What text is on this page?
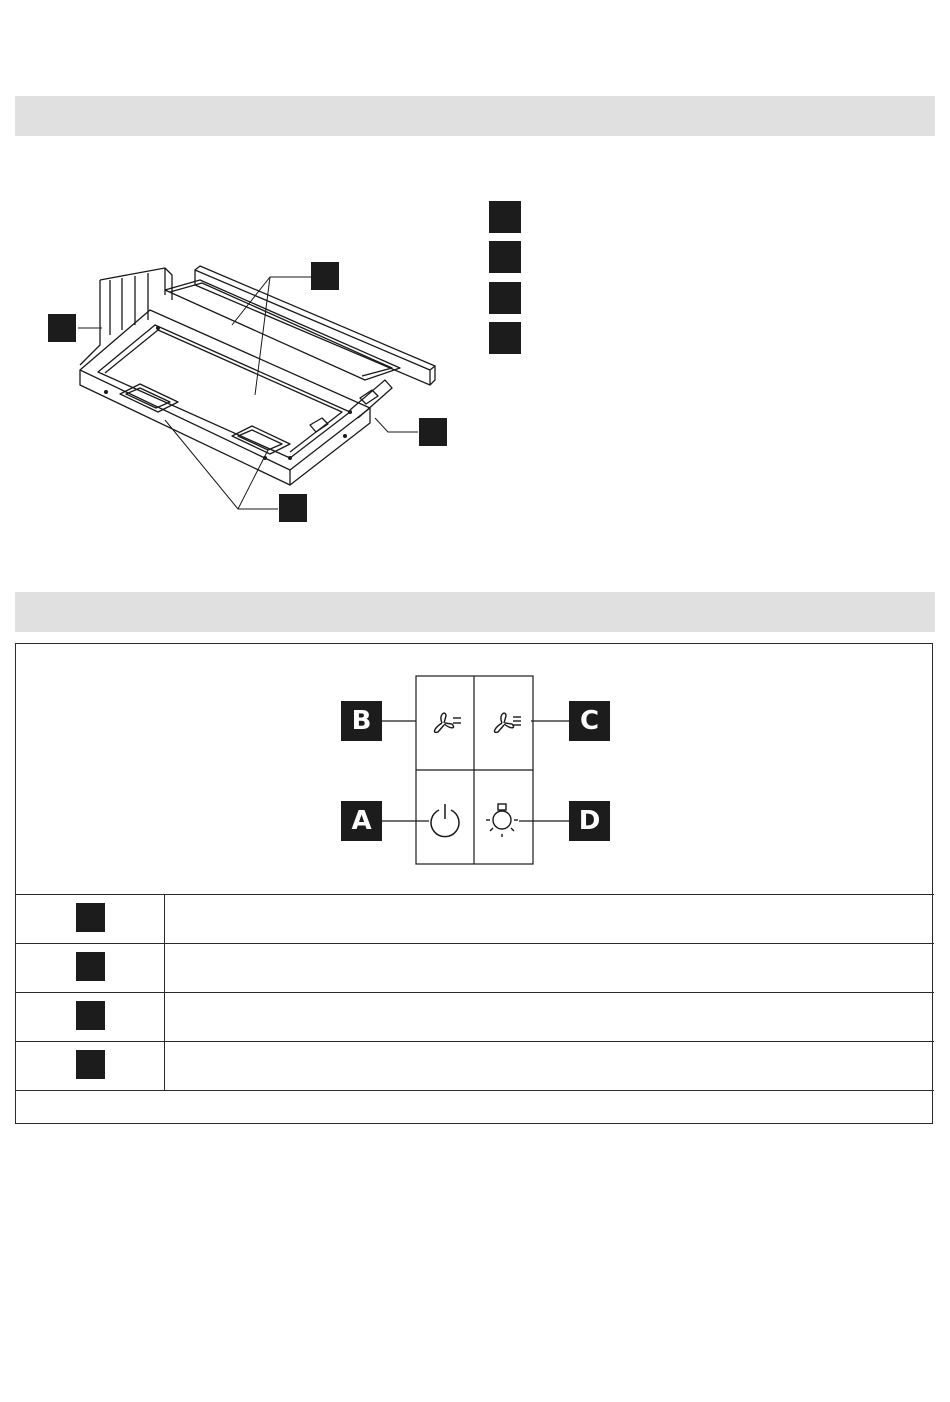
B	C
A	D
